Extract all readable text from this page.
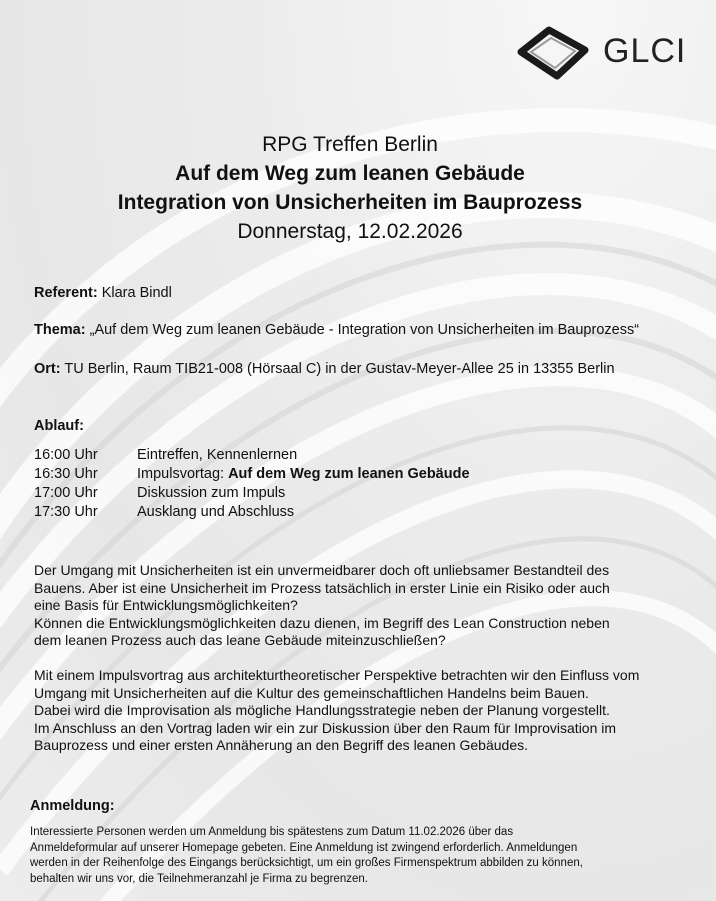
GLCI
RPG Treffen Berlin
Auf dem Weg zum leanen Gebäude
Integration von Unsicherheiten im Bauprozess
Donnerstag, 12.02.2026
Referent: Klara Bindl
Thema: „Auf dem Weg zum leanen Gebäude - Integration von Unsicherheiten im Bauprozess“
Ort: TU Berlin, Raum TIB21-008 (Hörsaal C) in der Gustav-Meyer-Allee 25 in 13355 Berlin
Ablauf:
16:00 Uhr	Eintreffen, Kennenlernen
16:30 Uhr	Impulsvortag: Auf dem Weg zum leanen Gebäude
17:00 Uhr	Diskussion zum Impuls
17:30 Uhr	Ausklang und Abschluss
Der Umgang mit Unsicherheiten ist ein unvermeidbarer doch oft unliebsamer Bestandteil des
Bauens. Aber ist eine Unsicherheit im Prozess tatsächlich in erster Linie ein Risiko oder auch
eine Basis für Entwicklungsmöglichkeiten?
Können die Entwicklungsmöglichkeiten dazu dienen, im Begriff des Lean Construction neben
dem leanen Prozess auch das leane Gebäude miteinzuschließen?
Mit einem Impulsvortrag aus architekturtheoretischer Perspektive betrachten wir den Einfluss vom
Umgang mit Unsicherheiten auf die Kultur des gemeinschaftlichen Handelns beim Bauen.
Dabei wird die Improvisation als mögliche Handlungsstrategie neben der Planung vorgestellt.
Im Anschluss an den Vortrag laden wir ein zur Diskussion über den Raum für Improvisation im
Bauprozess und einer ersten Annäherung an den Begriff des leanen Gebäudes.
Anmeldung:
Interessierte Personen werden um Anmeldung bis spätestens zum Datum 11.02.2026 über das
Anmeldeformular auf unserer Homepage gebeten. Eine Anmeldung ist zwingend erforderlich. Anmeldungen
werden in der Reihenfolge des Eingangs berücksichtigt, um ein großes Firmenspektrum abbilden zu können,
behalten wir uns vor, die Teilnehmeranzahl je Firma zu begrenzen.
